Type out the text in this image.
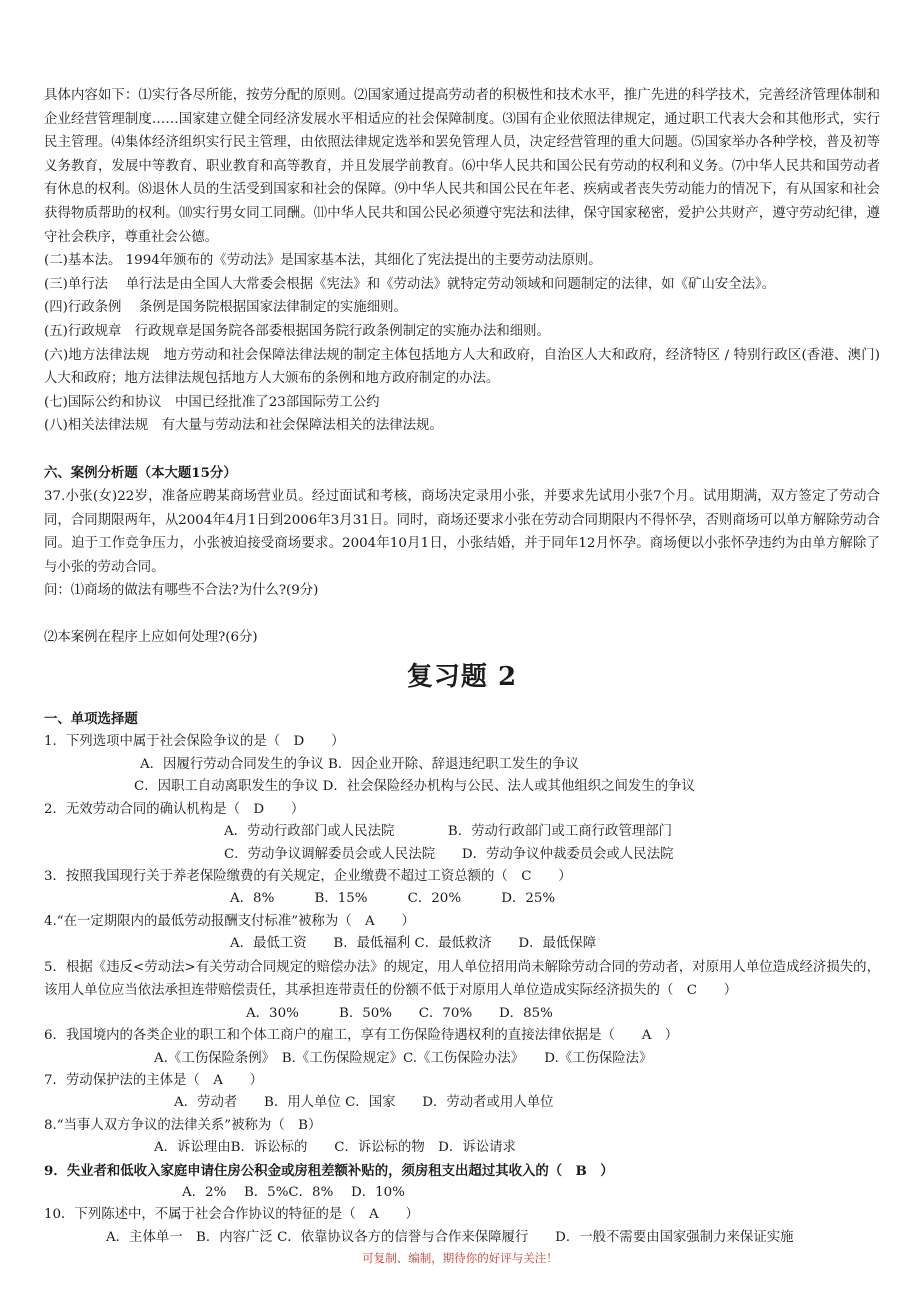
具体内容如下：⑴实行各尽所能，按劳分配的原则。⑵国家通过提高劳动者的积极性和技术水平，推广先进的科学技术，完善经济管理体制和企业经营管理制度……国家建立健全同经济发展水平相适应的社会保障制度。⑶国有企业依照法律规定，通过职工代表大会和其他形式，实行民主管理。⑷集体经济组织实行民主管理，由依照法律规定选举和罢免管理人员，决定经营管理的重大问题。⑸国家举办各种学校，普及初等义务教育，发展中等教育、职业教育和高等教育，并且发展学前教育。⑹中华人民共和国公民有劳动的权利和义务。⑺中华人民共和国劳动者有休息的权利。⑻退休人员的生活受到国家和社会的保障。⑼中华人民共和国公民在年老、疾病或者丧失劳动能力的情况下，有从国家和社会获得物质帮助的权利。⑽实行男女同工同酬。⑾中华人民共和国公民必须遵守宪法和法律，保守国家秘密，爱护公共财产，遵守劳动纪律，遵守社会秩序，尊重社会公德。

(二)基本法。 1994年颁布的《劳动法》是国家基本法，其细化了宪法提出的主要劳动法原则。

(三)单行法　 单行法是由全国人大常委会根据《宪法》和《劳动法》就特定劳动领域和问题制定的法律，如《矿山安全法》。

(四)行政条例　 条例是国务院根据国家法律制定的实施细则。

(五)行政规章　行政规章是国务院各部委根据国务院行政条例制定的实施办法和细则。

(六)地方法律法规　地方劳动和社会保障法律法规的制定主体包括地方人大和政府，自治区人大和政府，经济特区 / 特别行政区(香港、澳门)人大和政府；地方法律法规包括地方人大颁布的条例和地方政府制定的办法。

(七)国际公约和协议　中国已经批准了23部国际劳工公约

(八)相关法律法规　有大量与劳动法和社会保障法相关的法律法规。

六、案例分析题（本大题15分）

37.小张(女)22岁，准备应聘某商场营业员。经过面试和考核，商场决定录用小张，并要求先试用小张7个月。试用期满，双方签定了劳动合同，合同期限两年，从2004年4月1日到2006年3月31日。同时，商场还要求小张在劳动合同期限内不得怀孕，否则商场可以单方解除劳动合同。迫于工作竞争压力，小张被迫接受商场要求。2004年10月1日，小张结婚，并于同年12月怀孕。商场便以小张怀孕违约为由单方解除了与小张的劳动合同。

问：⑴商场的做法有哪些不合法?为什么?(9分)

⑵本案例在程序上应如何处理?(6分)

复习题 2

一、单项选择题

1．下列选项中属于社会保险争议的是（　D　　）

A．因履行劳动合同发生的争议 B．因企业开除、辞退违纪职工发生的争议

C．因职工自动离职发生的争议 D．社会保险经办机构与公民、法人或其他组织之间发生的争议

2．无效劳动合同的确认机构是（　D　　）

A．劳动行政部门或人民法院　　　　B．劳动行政部门或工商行政管理部门

C．劳动争议调解委员会或人民法院　　D．劳动争议仲裁委员会或人民法院

3．按照我国现行关于养老保险缴费的有关规定，企业缴费不超过工资总额的（　C　　）

A．8%　　　B．15%　　　C．20%　　　D．25%

4.“在一定期限内的最低劳动报酬支付标准”被称为（　A　　）

A．最低工资　　B．最低福利 C．最低救济　　D．最低保障

5．根据《违反<劳动法>有关劳动合同规定的赔偿办法》的规定，用人单位招用尚未解除劳动合同的劳动者，对原用人单位造成经济损失的，该用人单位应当依法承担连带赔偿责任，其承担连带责任的份额不低于对原用人单位造成实际经济损失的（　C　　）

A．30%　　　B．50%　　C．70%　　D．85%

6．我国境内的各类企业的职工和个体工商户的雇工，享有工伤保险待遇权利的直接法律依据是（　　A　）

A.《工伤保险条例》　B.《工伤保险规定》C.《工伤保险办法》　　D.《工伤保险法》

7．劳动保护法的主体是（　A　　）

A．劳动者　　B．用人单位 C．国家　　D．劳动者或用人单位

8.“当事人双方争议的法律关系”被称为（　B）

A．诉讼理由B．诉讼标的　　C．诉讼标的物　D．诉讼请求

9．失业者和低收入家庭申请住房公积金或房租差额补贴的，须房租支出超过其收入的（　B　）

A．2%　 B．5%C．8%　 D．10%

10．下列陈述中，不属于社会合作协议的特征的是（　A　　）

A．主体单一　B．内容广泛 C．依靠协议各方的信誉与合作来保障履行　　D．一般不需要由国家强制力来保证实施

可复制、编制，期待你的好评与关注！
